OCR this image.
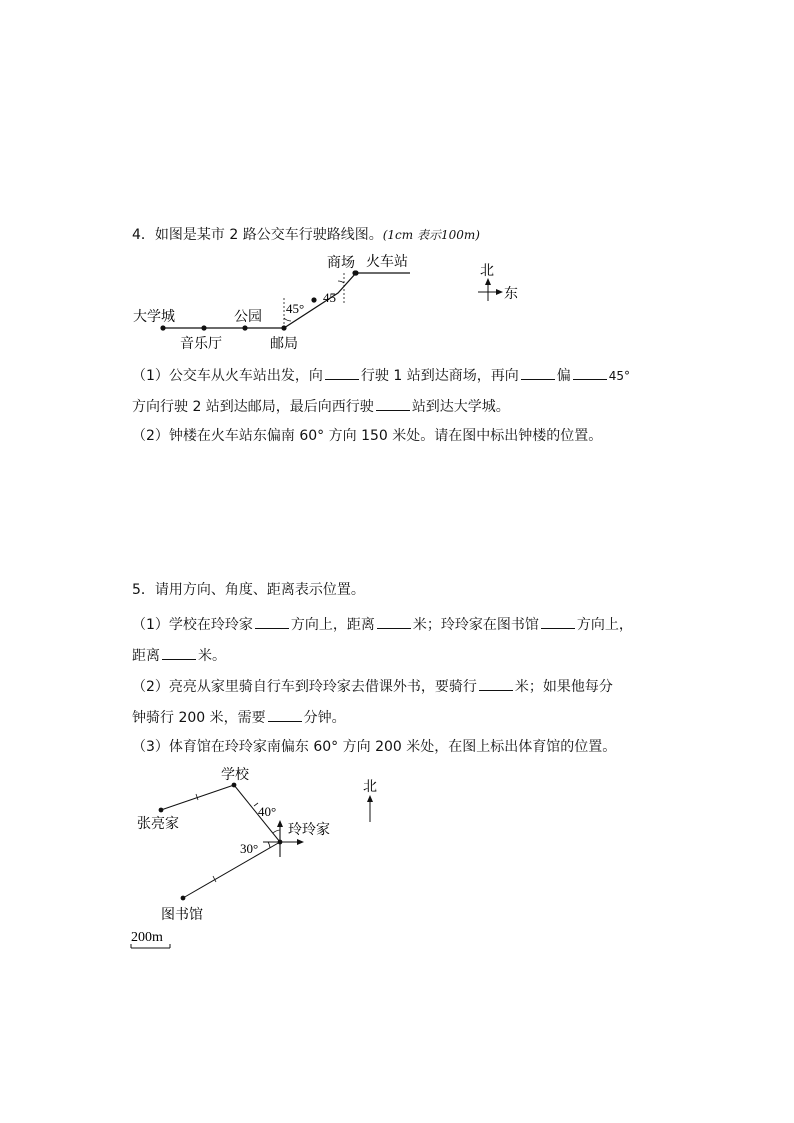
4．如图是某市 2 路公交车行驶路线图。(1cm 表示100m)
大学城
音乐厅
公园
邮局
商场 火车站
45°
45
北
东
（1）公交车从火车站出发，向	行驶 1 站到达商场，再向	偏	45°
方向行驶 2 站到达邮局，最后向西行驶	站到达大学城。
（2）钟楼在火车站东偏南 60° 方向 150 米处。请在图中标出钟楼的位置。
5．请用方向、角度、距离表示位置。
（1）学校在玲玲家	方向上，距离	米；玲玲家在图书馆	方向上，
距离	米。
（2）亮亮从家里骑自行车到玲玲家去借课外书，要骑行	米；如果他每分
钟骑行 200 米，需要	分钟。
（3）体育馆在玲玲家南偏东 60° 方向 200 米处，在图上标出体育馆的位置。
学校
张亮家	玲玲家
图书馆
40°
30°
北
200m
